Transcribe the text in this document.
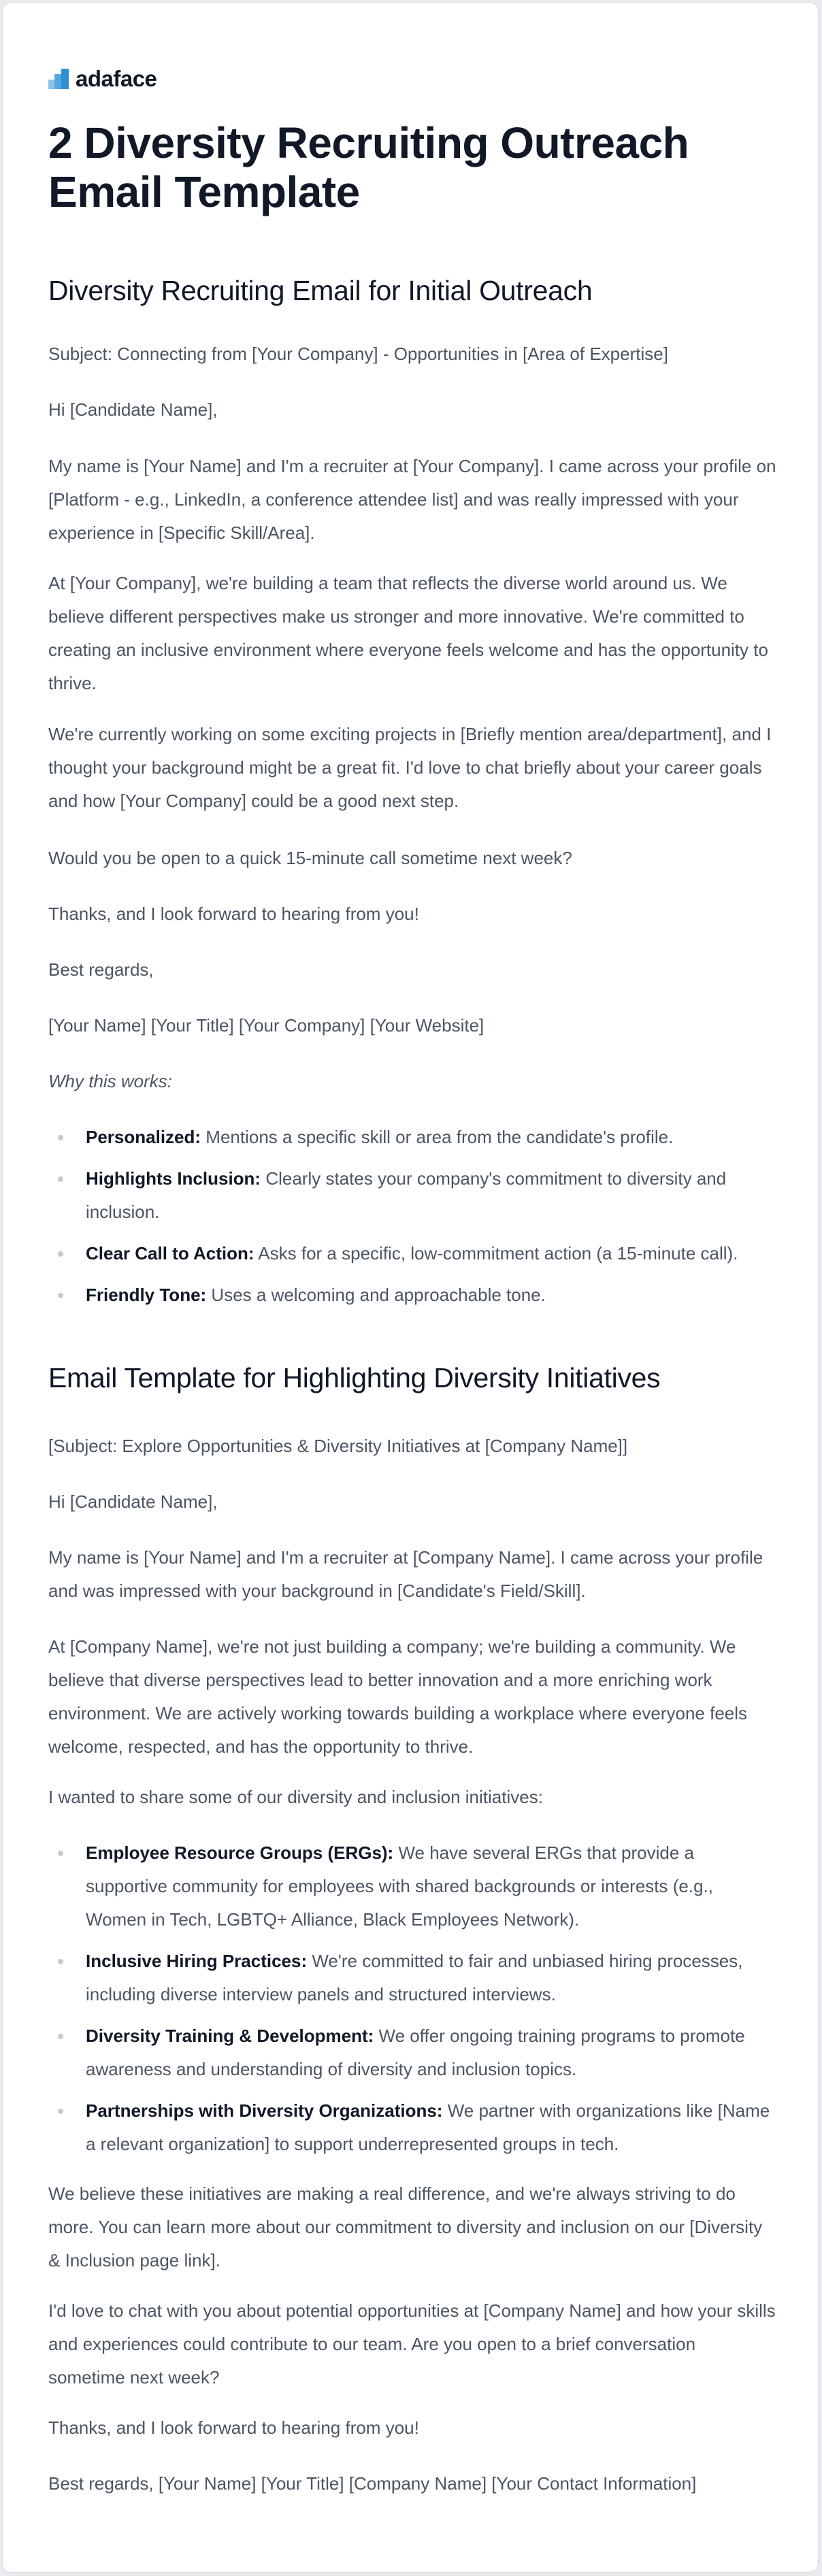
adaface
2 Diversity Recruiting Outreach Email Template
Diversity Recruiting Email for Initial Outreach

Subject: Connecting from [Your Company] - Opportunities in [Area of Expertise]

Hi [Candidate Name],

My name is [Your Name] and I'm a recruiter at [Your Company]. I came across your profile on [Platform - e.g., LinkedIn, a conference attendee list] and was really impressed with your experience in [Specific Skill/Area].

At [Your Company], we're building a team that reflects the diverse world around us. We believe different perspectives make us stronger and more innovative. We're committed to creating an inclusive environment where everyone feels welcome and has the opportunity to thrive.

We're currently working on some exciting projects in [Briefly mention area/department], and I thought your background might be a great fit. I'd love to chat briefly about your career goals and how [Your Company] could be a good next step.

Would you be open to a quick 15-minute call sometime next week?

Thanks, and I look forward to hearing from you!

Best regards,

[Your Name] [Your Title] [Your Company] [Your Website]

Why this works:

Personalized: Mentions a specific skill or area from the candidate's profile.
Highlights Inclusion: Clearly states your company's commitment to diversity and inclusion.
Clear Call to Action: Asks for a specific, low-commitment action (a 15-minute call).
Friendly Tone: Uses a welcoming and approachable tone.
Email Template for Highlighting Diversity Initiatives

[Subject: Explore Opportunities & Diversity Initiatives at [Company Name]]

Hi [Candidate Name],

My name is [Your Name] and I'm a recruiter at [Company Name]. I came across your profile and was impressed with your background in [Candidate's Field/Skill].

At [Company Name], we're not just building a company; we're building a community. We believe that diverse perspectives lead to better innovation and a more enriching work environment. We are actively working towards building a workplace where everyone feels welcome, respected, and has the opportunity to thrive.

I wanted to share some of our diversity and inclusion initiatives:

Employee Resource Groups (ERGs): We have several ERGs that provide a supportive community for employees with shared backgrounds or interests (e.g., Women in Tech, LGBTQ+ Alliance, Black Employees Network).
Inclusive Hiring Practices: We're committed to fair and unbiased hiring processes, including diverse interview panels and structured interviews.
Diversity Training & Development: We offer ongoing training programs to promote awareness and understanding of diversity and inclusion topics.
Partnerships with Diversity Organizations: We partner with organizations like [Name a relevant organization] to support underrepresented groups in tech.

We believe these initiatives are making a real difference, and we're always striving to do more. You can learn more about our commitment to diversity and inclusion on our [Diversity & Inclusion page link].

I'd love to chat with you about potential opportunities at [Company Name] and how your skills and experiences could contribute to our team. Are you open to a brief conversation sometime next week?

Thanks, and I look forward to hearing from you!

Best regards, [Your Name] [Your Title] [Company Name] [Your Contact Information]
